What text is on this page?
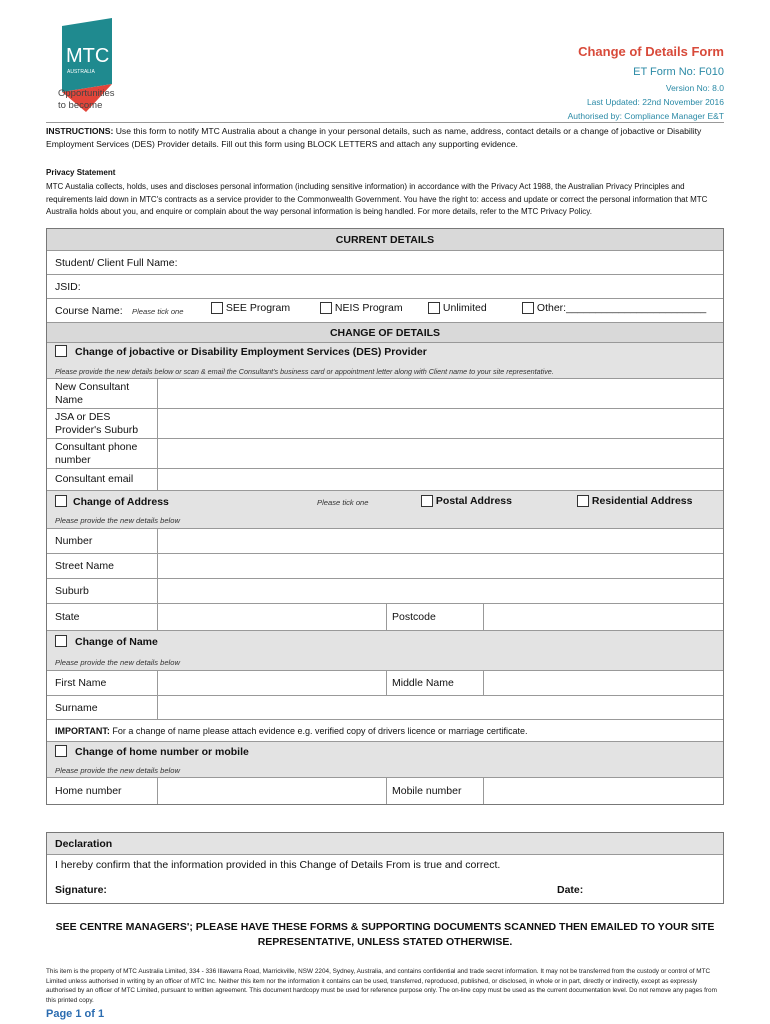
MTC
AUSTRALIA
Opportunities
to become
Change of Details Form
ET Form No: F010
Version No: 8.0
Last Updated: 22nd November 2016
Authorised by: Compliance Manager E&T
INSTRUCTIONS: Use this form to notify MTC Australia about a change in your personal details, such as name, address, contact details or a change of jobactive or Disability Employment Services (DES) Provider details. Fill out this form using BLOCK LETTERS and attach any supporting evidence.
Privacy Statement
MTC Austalia collects, holds, uses and discloses personal information (including sensitive information) in accordance with the Privacy Act 1988, the Australian Privacy Principles and requirements laid down in MTC's contracts as a service provider to the Commonwealth Government. You have the right to: access and update or correct the personal information that MTC Australia holds about you, and enquire or complain about the way personal information is being handled. For more details, refer to the MTC Privacy Policy.
CURRENT DETAILS
Student/ Client Full Name:
JSID:
Course Name: Please tick one	SEE Program	NEIS Program	Unlimited	Other:________________________
CHANGE OF DETAILS
Change of jobactive or Disability Employment Services (DES) Provider
Please provide the new details below or scan & email the Consultant's business card or appointment letter along with Client name to your site representative.
New Consultant Name
JSA or DES Provider's Suburb
Consultant phone number
Consultant email
Change of Address	Please tick one	Postal Address	Residential Address
Please provide the new details below
Number
Street Name
Suburb
State	Postcode
Change of Name
Please provide the new details below
First Name	Middle Name
Surname
IMPORTANT: For a change of name please attach evidence e.g. verified copy of drivers licence or marriage certificate.
Change of home number or mobile
Please provide the new details below
Home number	Mobile number
Declaration
I hereby confirm that the information provided in this Change of Details From is true and correct.
Signature:	Date:
SEE CENTRE MANAGERS'; PLEASE HAVE THESE FORMS & SUPPORTING DOCUMENTS SCANNED THEN EMAILED TO YOUR SITE
REPRESENTATIVE, UNLESS STATED OTHERWISE.
This item is the property of MTC Australia Limited, 334 - 336 Illawarra Road, Marrickville, NSW 2204, Sydney, Australia, and contains confidential and trade secret information. It may not be transferred from the custody or control of MTC Limited unless authorised in writing by an officer of MTC Inc. Neither this item nor the information it contains can be used, transferred, reproduced, published, or disclosed, in whole or in part, directly or indirectly, except as expressly authorised by an officer of MTC Limited, pursuant to written agreement. This document hardcopy must be used for reference purpose only. The on-line copy must be used as the current documentation level. Do not remove any pages from this printed copy.
Page 1 of 1
